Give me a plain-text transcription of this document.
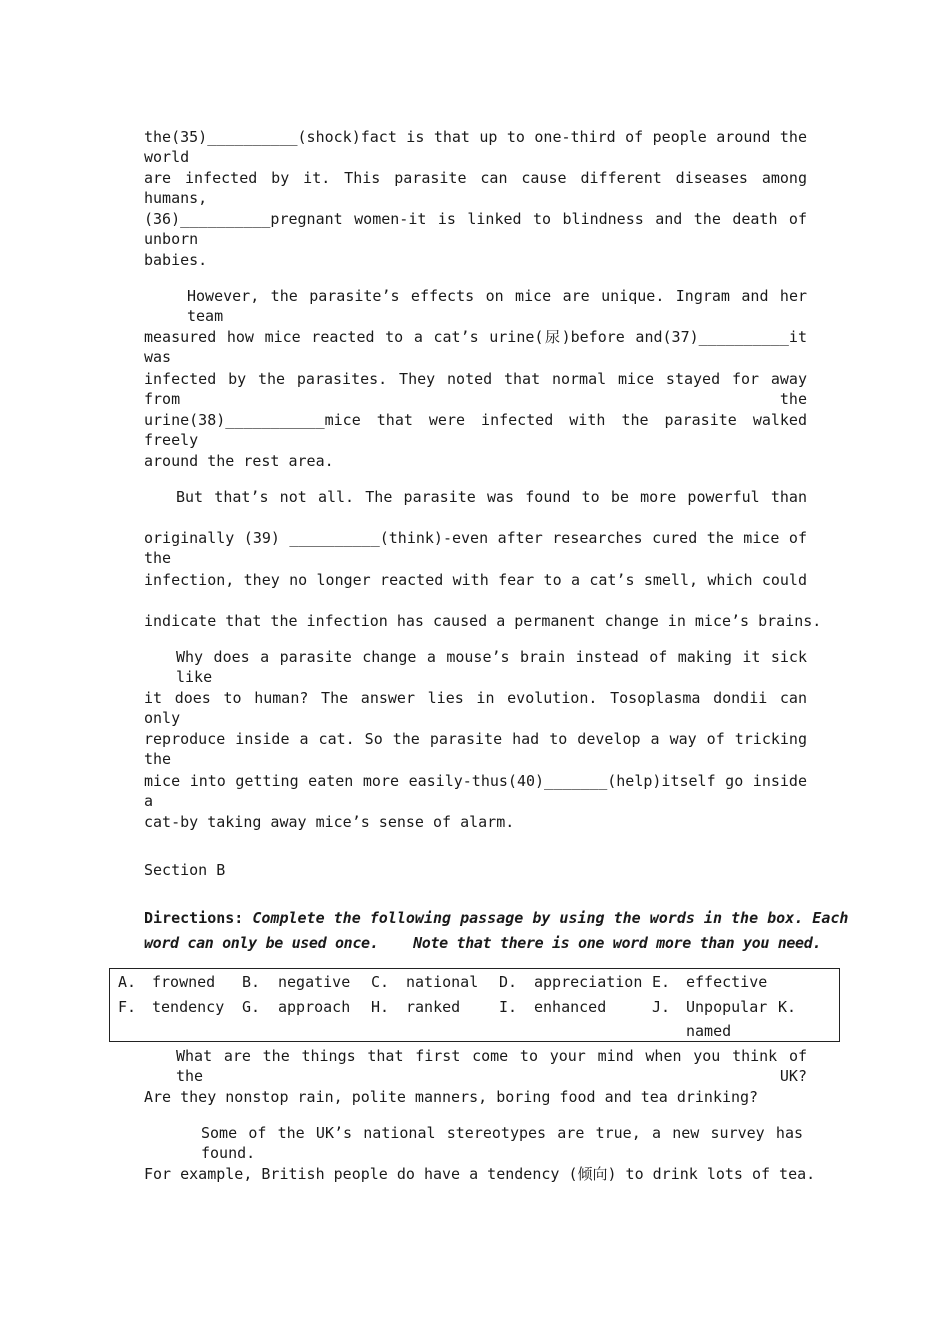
the(35)__________(shock)fact is that up to one-third of people around the world
are infected by it. This parasite can cause different diseases among humans,
(36)__________pregnant women-it is linked to blindness and the death of unborn
babies.
However, the parasite’s effects on mice are unique. Ingram and her team
measured how mice reacted to a cat’s urine(尿)before and(37)__________it was
infected by the parasites. They noted that normal mice stayed for away from the
urine(38)___________mice that were infected with the parasite walked freely
around the rest area.
But that’s not all. The parasite was found to be more powerful than
originally (39) __________(think)-even after researches cured the mice of the
infection, they no longer reacted with fear to a cat’s smell, which could
indicate that the infection has caused a permanent change in mice’s brains.
Why does a parasite change a mouse’s brain instead of making it sick like
it does to human? The answer lies in evolution. Tosoplasma dondii can only
reproduce inside a cat. So the parasite had to develop a way of tricking the
mice into getting eaten more easily-thus(40)_______(help)itself go inside a
cat-by taking away mice’s sense of alarm.
Section B
Directions: Complete the following passage by using the words in the box. Each
word can only be used once.    Note that there is one word more than you need.
A. frowned B. negative C. national D. appreciation E. effective
F. tendency G. approach H. ranked	I. enhanced	J. Unpopular K.
named
What are the things that first come to your mind when you think of the UK?
Are they nonstop rain, polite manners, boring food and tea drinking?
Some of the UK’s national stereotypes are true, a new survey has found.
For example, British people do have a tendency (倾向) to drink lots of tea.
